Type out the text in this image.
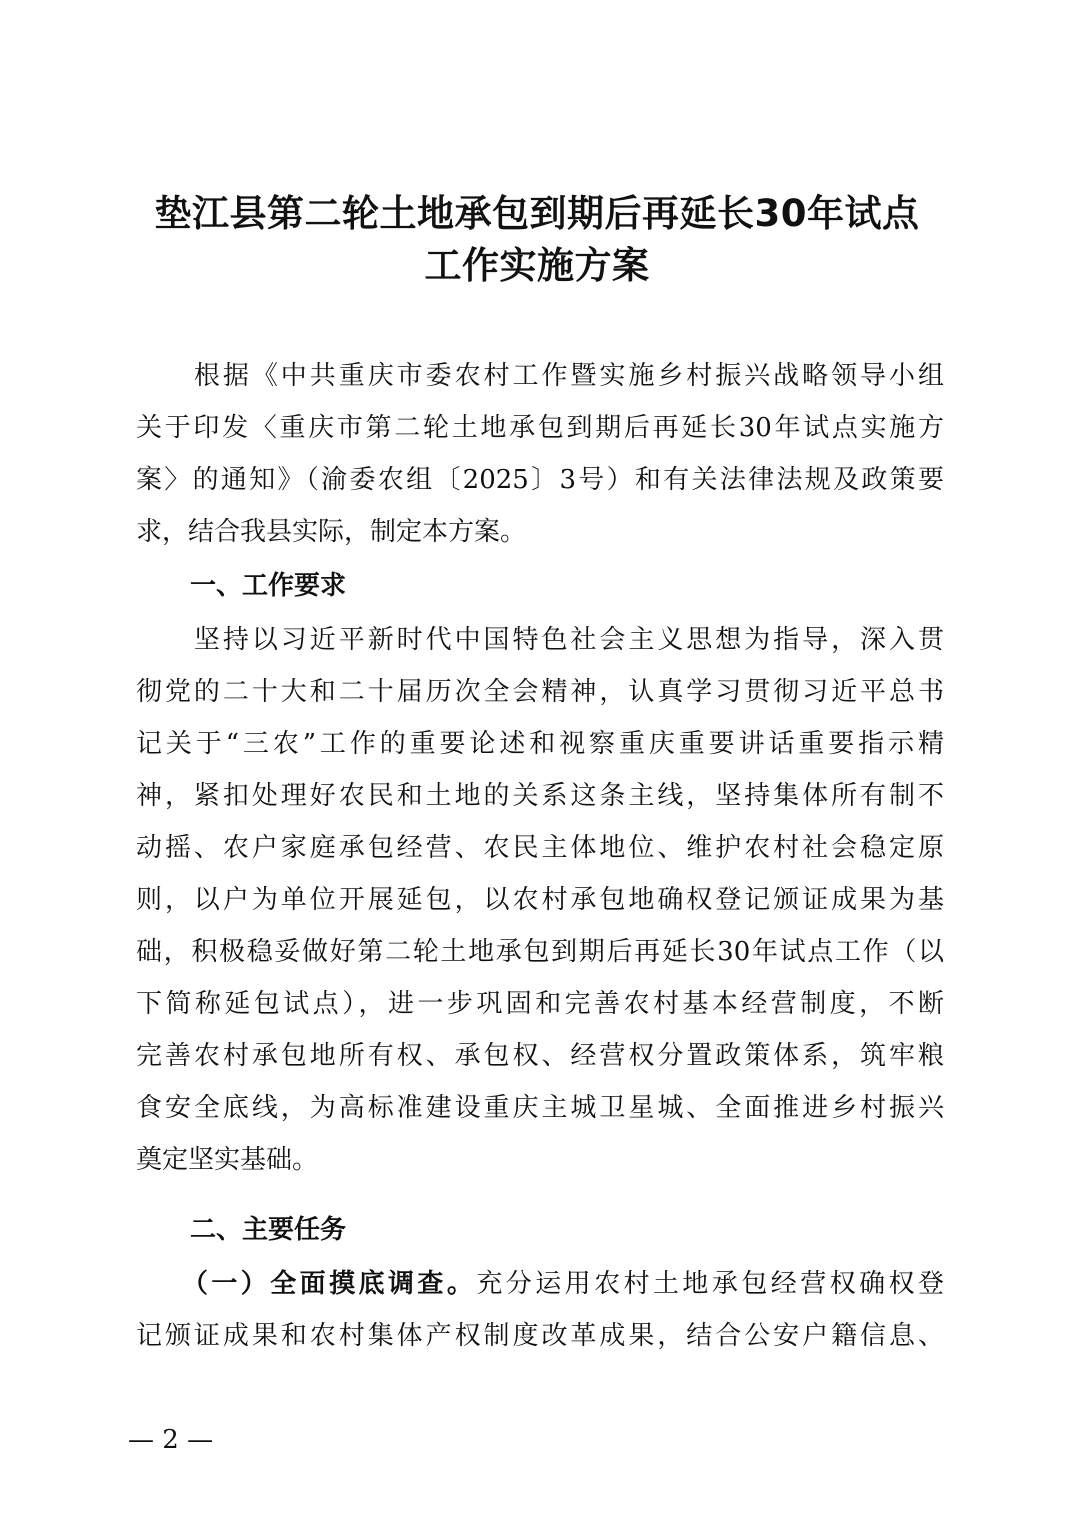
垫江县第二轮土地承包到期后再延长30年试点
工作实施方案
　　根据《中共重庆市委农村工作暨实施乡村振兴战略领导小组
关于印发〈重庆市第二轮土地承包到期后再延长30年试点实施方
案〉的通知》（渝委农组〔2025〕3号）和有关法律法规及政策要
求，结合我县实际，制定本方案。
一、工作要求
　　坚持以习近平新时代中国特色社会主义思想为指导，深入贯
彻党的二十大和二十届历次全会精神，认真学习贯彻习近平总书
记关于“三农”工作的重要论述和视察重庆重要讲话重要指示精
神，紧扣处理好农民和土地的关系这条主线，坚持集体所有制不
动摇、农户家庭承包经营、农民主体地位、维护农村社会稳定原
则，以户为单位开展延包，以农村承包地确权登记颁证成果为基
础，积极稳妥做好第二轮土地承包到期后再延长30年试点工作（以
下简称延包试点），进一步巩固和完善农村基本经营制度，不断
完善农村承包地所有权、承包权、经营权分置政策体系，筑牢粮
食安全底线，为高标准建设重庆主城卫星城、全面推进乡村振兴
奠定坚实基础。
二、主要任务
　　（一）全面摸底调查。充分运用农村土地承包经营权确权登
记颁证成果和农村集体产权制度改革成果，结合公安户籍信息、
— 2 —
